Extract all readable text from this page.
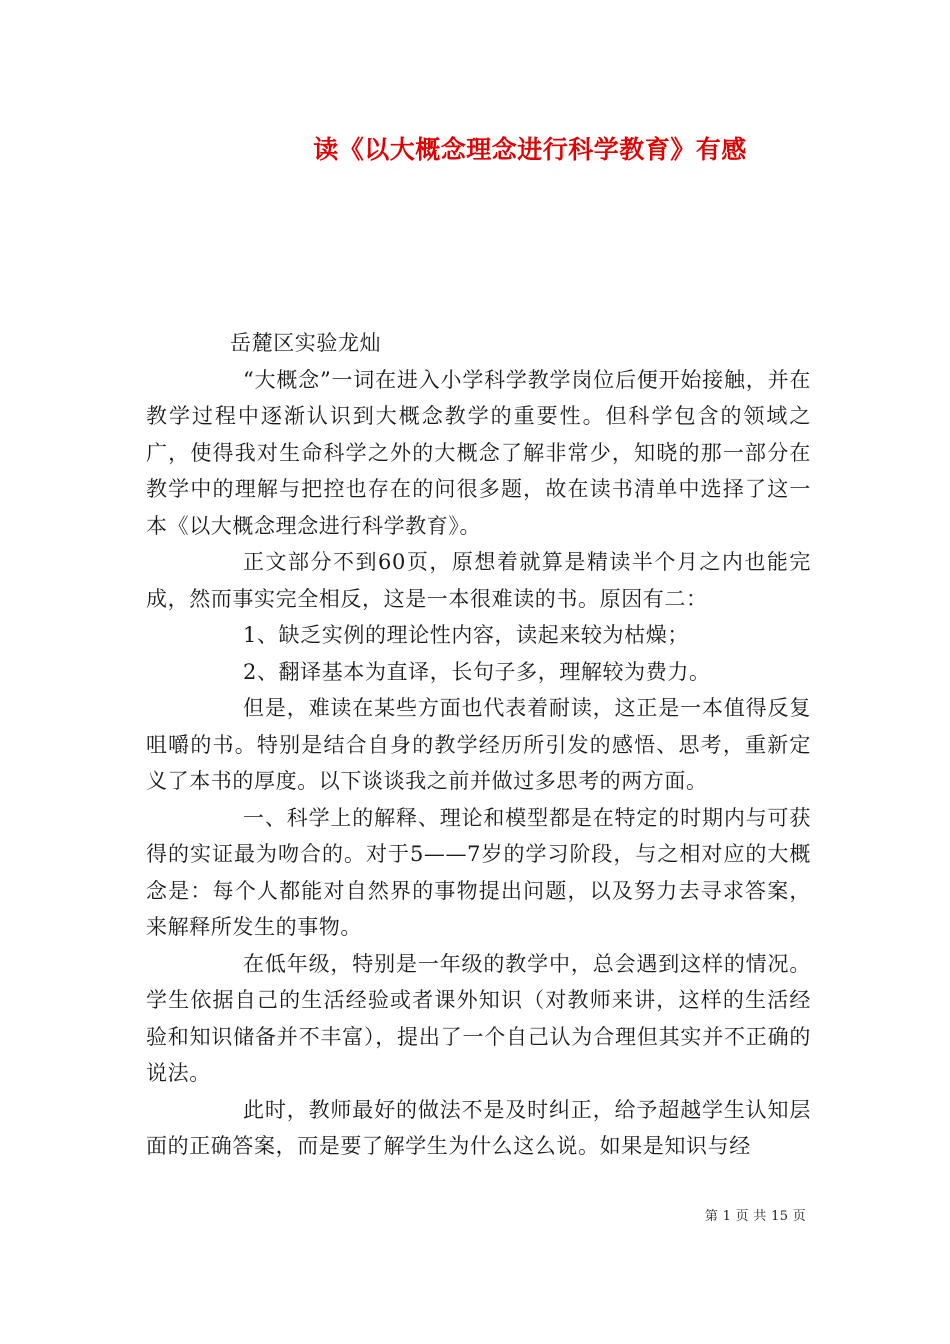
读《以大概念理念进行科学教育》有感

岳麓区实验龙灿

“大概念”一词在进入小学科学教学岗位后便开始接触，并在教学过程中逐渐认识到大概念教学的重要性。但科学包含的领域之广，使得我对生命科学之外的大概念了解非常少，知晓的那一部分在教学中的理解与把控也存在的问很多题，故在读书清单中选择了这一本《以大概念理念进行科学教育》。

正文部分不到60页，原想着就算是精读半个月之内也能完成，然而事实完全相反，这是一本很难读的书。原因有二：

1、缺乏实例的理论性内容，读起来较为枯燥；

2、翻译基本为直译，长句子多，理解较为费力。

但是，难读在某些方面也代表着耐读，这正是一本值得反复咀嚼的书。特别是结合自身的教学经历所引发的感悟、思考，重新定义了本书的厚度。以下谈谈我之前并做过多思考的两方面。

一、科学上的解释、理论和模型都是在特定的时期内与可获得的实证最为吻合的。对于5——7岁的学习阶段，与之相对应的大概念是：每个人都能对自然界的事物提出问题，以及努力去寻求答案，来解释所发生的事物。

在低年级，特别是一年级的教学中，总会遇到这样的情况。学生依据自己的生活经验或者课外知识（对教师来讲，这样的生活经验和知识储备并不丰富），提出了一个自己认为合理但其实并不正确的说法。

此时，教师最好的做法不是及时纠正，给予超越学生认知层面的正确答案，而是要了解学生为什么这么说。如果是知识与经

第 1 页 共 15 页
